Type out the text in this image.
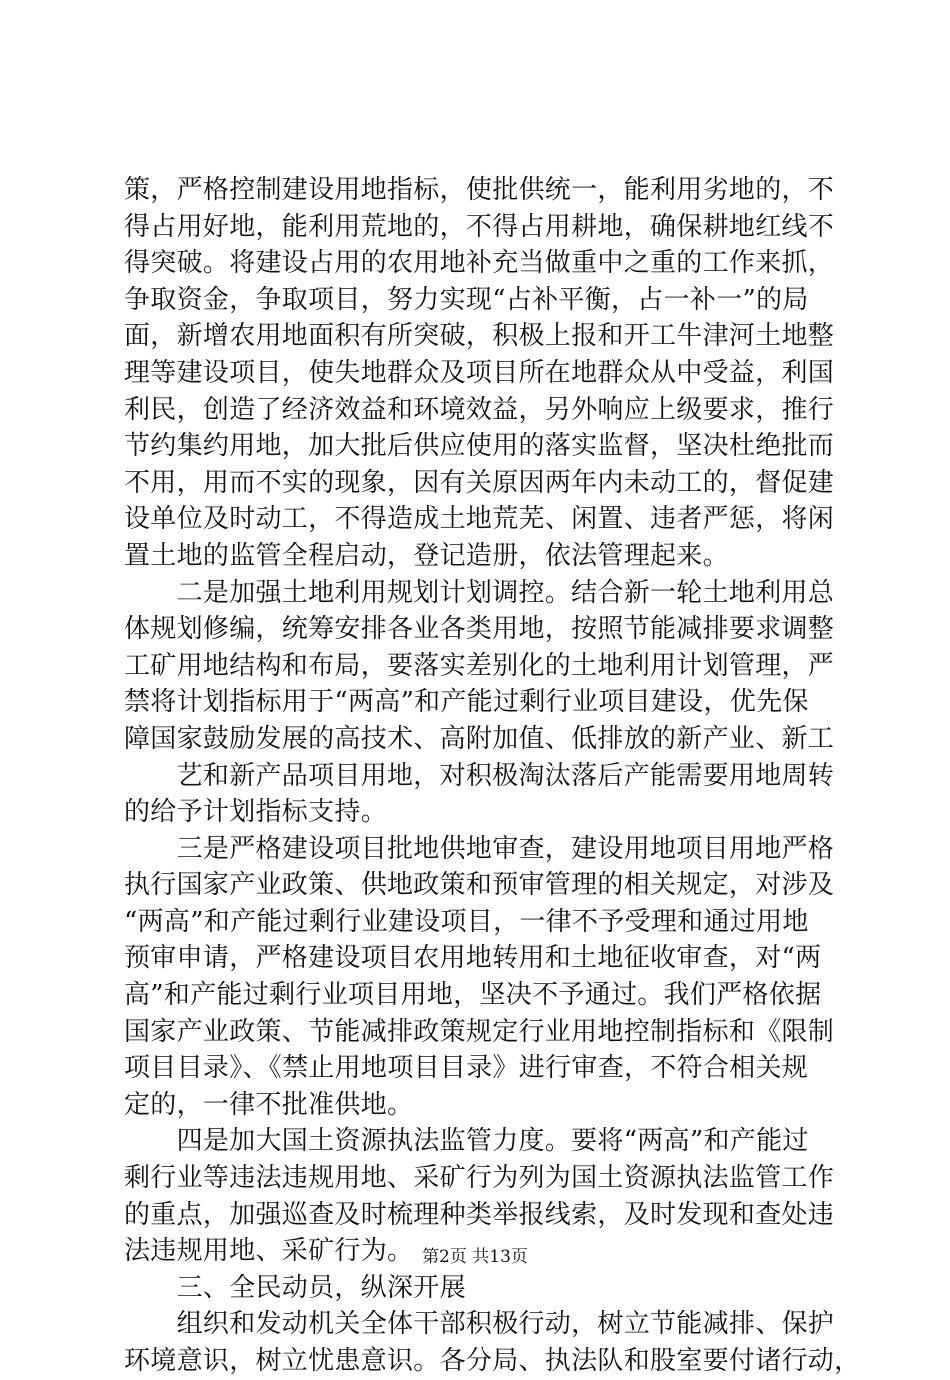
策，严格控制建设用地指标，使批供统一，能利用劣地的，不
得占用好地，能利用荒地的，不得占用耕地，确保耕地红线不
得突破。将建设占用的农用地补充当做重中之重的工作来抓，
争取资金，争取项目，努力实现“占补平衡，占一补一”的局
面，新增农用地面积有所突破，积极上报和开工牛津河土地整
理等建设项目，使失地群众及项目所在地群众从中受益，利国
利民，创造了经济效益和环境效益，另外响应上级要求，推行
节约集约用地，加大批后供应使用的落实监督，坚决杜绝批而
不用，用而不实的现象，因有关原因两年内未动工的，督促建
设单位及时动工，不得造成土地荒芜、闲置、违者严惩，将闲
置土地的监管全程启动，登记造册，依法管理起来。
　　二是加强土地利用规划计划调控。结合新一轮土地利用总
体规划修编，统筹安排各业各类用地，按照节能减排要求调整
工矿用地结构和布局，要落实差别化的土地利用计划管理，严
禁将计划指标用于“两高”和产能过剩行业项目建设，优先保
障国家鼓励发展的高技术、高附加值、低排放的新产业、新工
　　艺和新产品项目用地，对积极淘汰落后产能需要用地周转
的给予计划指标支持。
　　三是严格建设项目批地供地审查，建设用地项目用地严格
执行国家产业政策、供地政策和预审管理的相关规定，对涉及
“两高”和产能过剩行业建设项目，一律不予受理和通过用地
预审申请，严格建设项目农用地转用和土地征收审查，对“两
高”和产能过剩行业项目用地，坚决不予通过。我们严格依据
国家产业政策、节能减排政策规定行业用地控制指标和《限制
项目目录》、《禁止用地项目目录》进行审查，不符合相关规
定的，一律不批准供地。
　　四是加大国土资源执法监管力度。要将“两高”和产能过
剩行业等违法违规用地、采矿行为列为国土资源执法监管工作
的重点，加强巡查及时梳理种类举报线索，及时发现和查处违
法违规用地、采矿行为。
　　三、全民动员，纵深开展
　　组织和发动机关全体干部积极行动，树立节能减排、保护
环境意识，树立忧患意识。各分局、执法队和股室要付诸行动，
第2页 共13页
